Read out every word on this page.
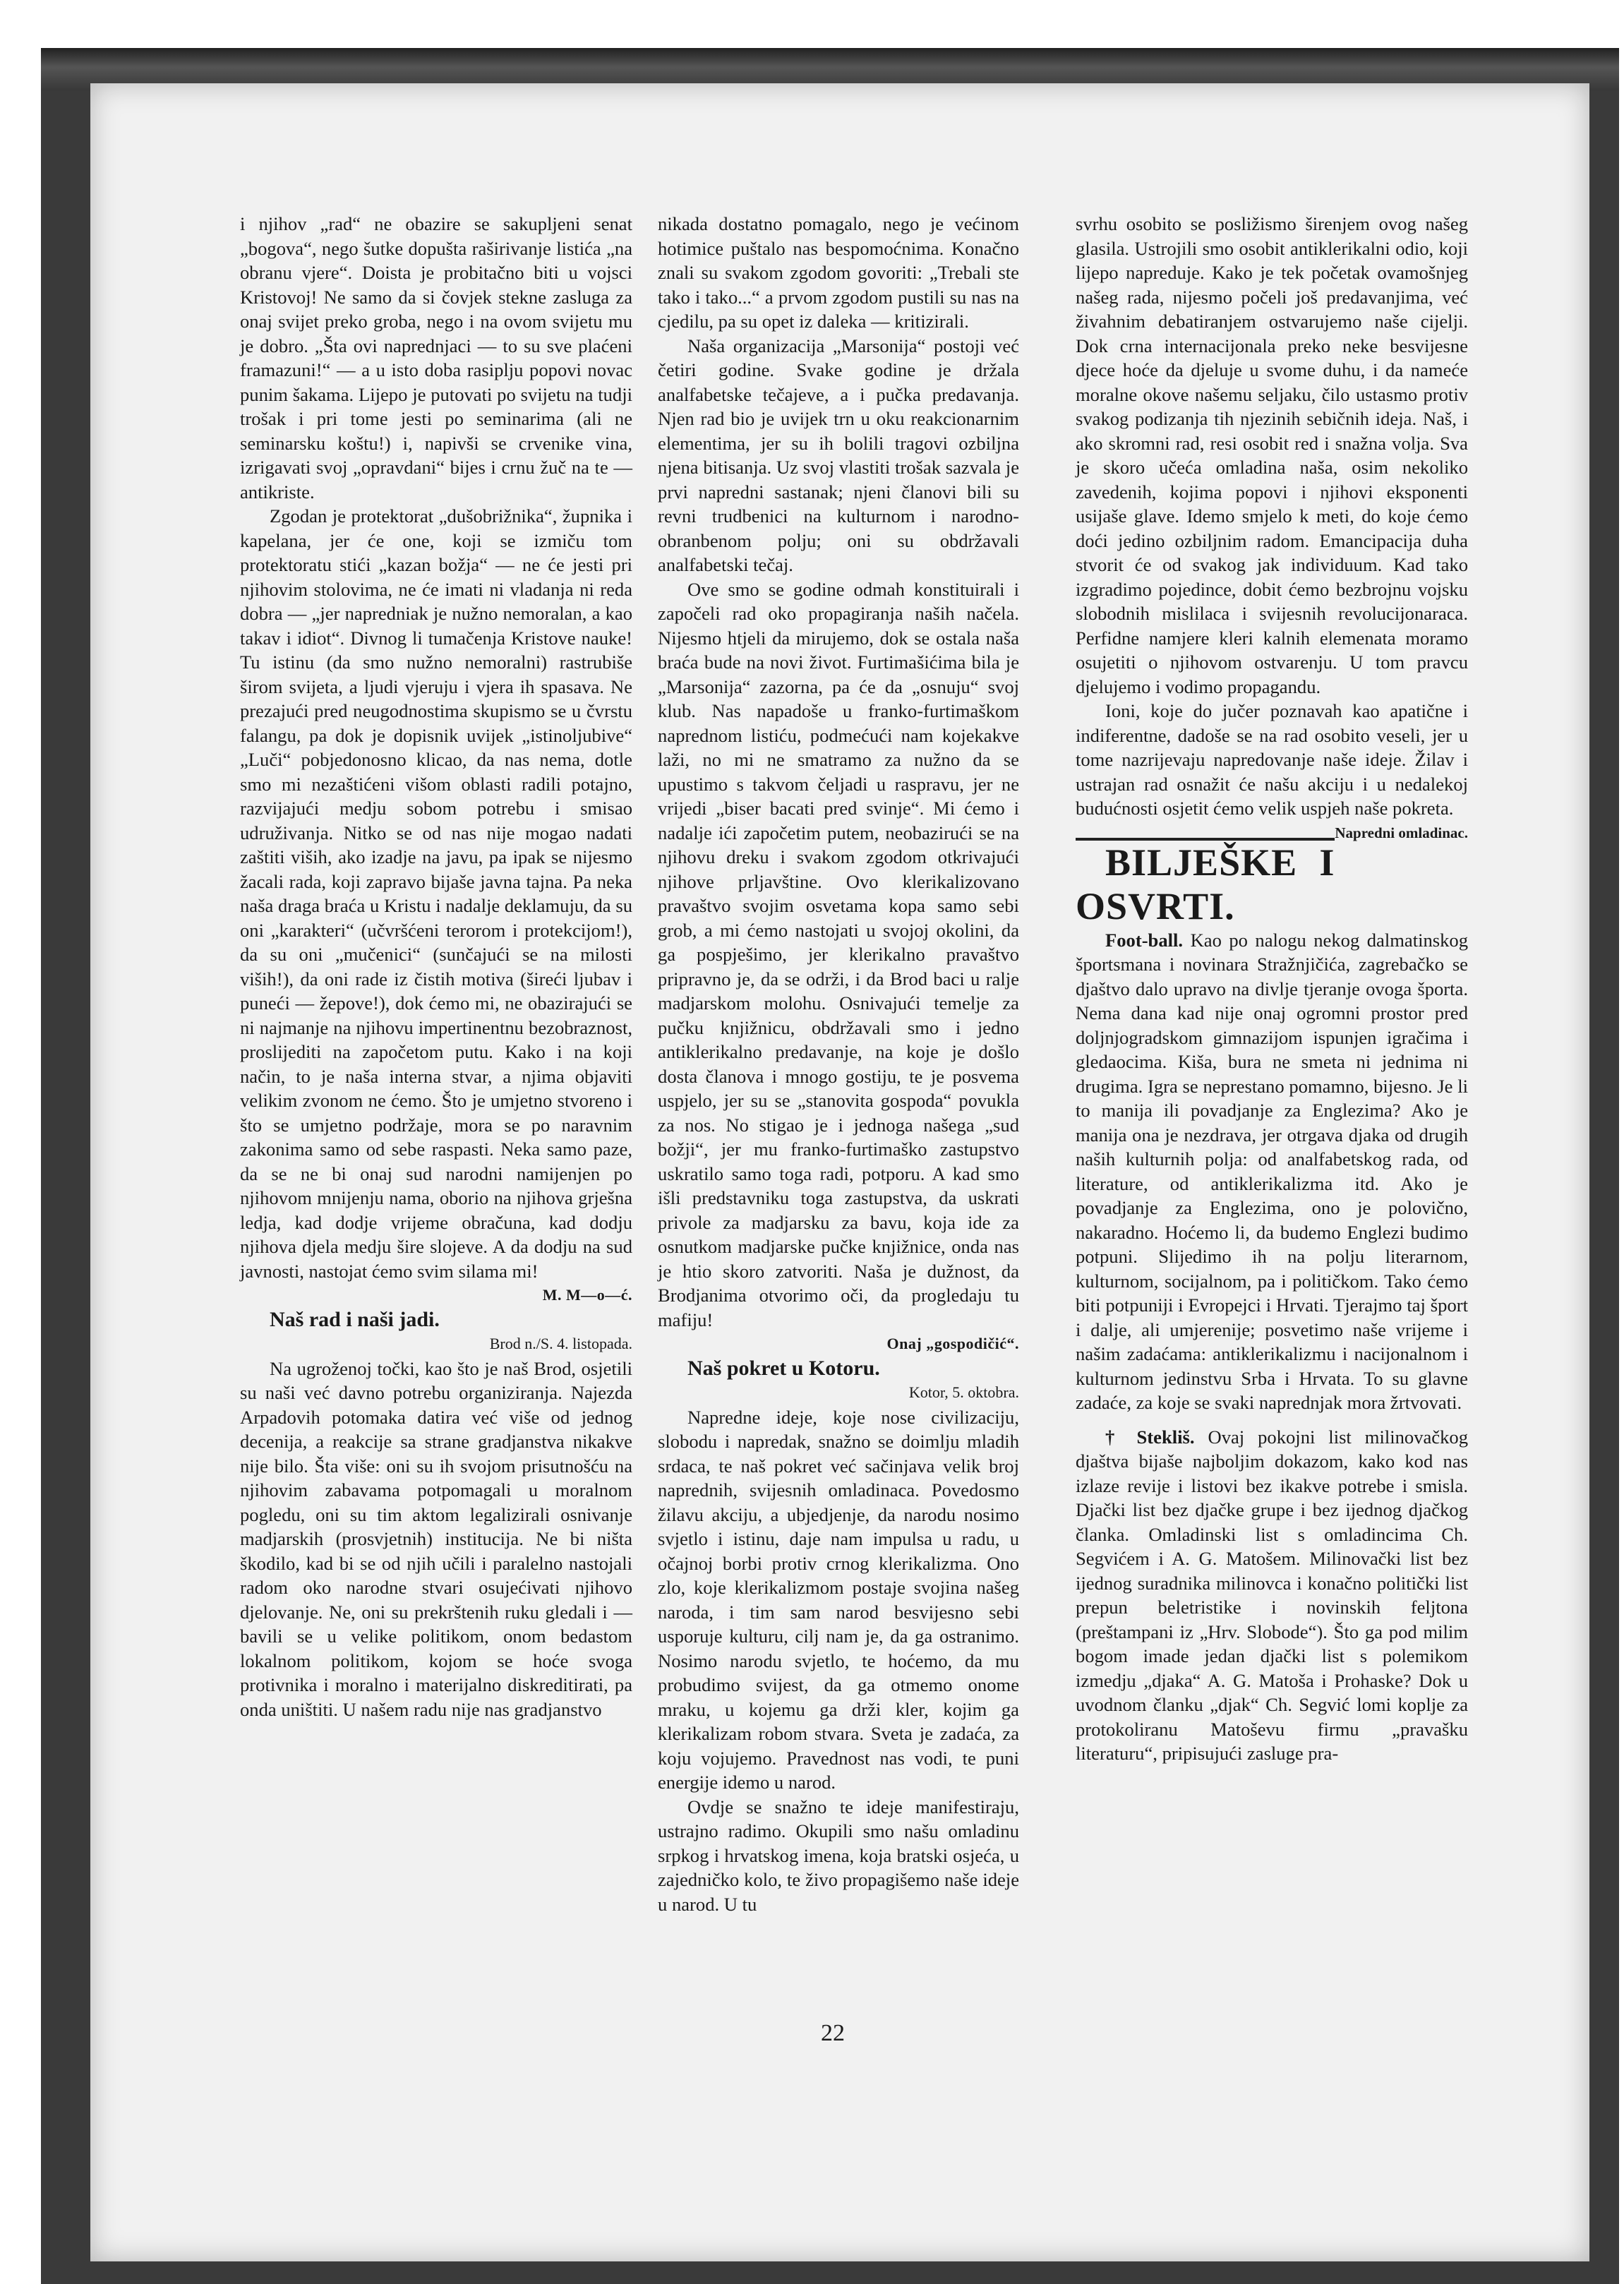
i njihov „rad“ ne obazire se sakupljeni senat „bogova“, nego šutke dopušta raširivanje listića „na obranu vjere“. Doista je probitačno biti u vojsci Kristovoj! Ne samo da si čovjek stekne zasluga za onaj svijet preko groba, nego i na ovom svijetu mu je dobro. „Šta ovi naprednjaci — to su sve plaćeni framazuni!“ — a u isto doba rasiplju popovi novac punim šakama. Lijepo je putovati po svijetu na tudji trošak i pri tome jesti po seminarima (ali ne seminarsku koštu!) i, napivši se crvenike vina, izrigavati svoj „opravdani“ bijes i crnu žuč na te — antikriste.

Zgodan je protektorat „dušobrižnika“, župnika i kapelana, jer će one, koji se izmiču tom protektoratu stići „kazan božja“ — ne će jesti pri njihovim stolovima, ne će imati ni vladanja ni reda dobra — „jer napredniak je nužno nemoralan, a kao takav i idiot“. Divnog li tumačenja Kristove nauke! Tu istinu (da smo nužno nemoralni) rastrubiše širom svijeta, a ljudi vjeruju i vjera ih spasava. Ne prezajući pred neugodnostima skupismo se u čvrstu falangu, pa dok je dopisnik uvijek „istinoljubive“ „Luči“ pobjedonosno klicao, da nas nema, dotle smo mi nezaštićeni višom oblasti radili potajno, razvijajući medju sobom potrebu i smisao udruživanja. Nitko se od nas nije mogao nadati zaštiti viših, ako izadje na javu, pa ipak se nijesmo žacali rada, koji zapravo bijaše javna tajna. Pa neka naša draga braća u Kristu i nadalje deklamuju, da su oni „karakteri“ (učvršćeni terorom i protekcijom!), da su oni „mučenici“ (sunčajući se na milosti viših!), da oni rade iz čistih motiva (šireći ljubav i puneći — žepove!), dok ćemo mi, ne obazirajući se ni najmanje na njihovu impertinentnu bezobraznost, proslijediti na započetom putu. Kako i na koji način, to je naša interna stvar, a njima objaviti velikim zvonom ne ćemo. Što je umjetno stvoreno i što se umjetno podržaje, mora se po naravnim zakonima samo od sebe raspasti. Neka samo paze, da se ne bi onaj sud narodni namijenjen po njihovom mnijenju nama, oborio na njihova grješna ledja, kad dodje vrijeme obračuna, kad dodju njihova djela medju šire slojeve. A da dodju na sud javnosti, nastojat ćemo svim silama mi!

M. M—o—ć.

Naš rad i naši jadi.

Brod n./S. 4. listopada.

Na ugroženoj točki, kao što je naš Brod, osjetili su naši već davno potrebu organiziranja. Najezda Arpadovih potomaka datira već više od jednog decenija, a reakcije sa strane gradjanstva nikakve nije bilo. Šta više: oni su ih svojom prisutnošću na njihovim zabavama potpomagali u moralnom pogledu, oni su tim aktom legalizirali osnivanje madjarskih (prosvjetnih) institucija. Ne bi ništa škodilo, kad bi se od njih učili i paralelno nastojali radom oko narodne stvari osujećivati njihovo djelovanje. Ne, oni su prekrštenih ruku gledali i — bavili se u velike politikom, onom bedastom lokalnom politikom, kojom se hoće svoga protivnika i moralno i materijalno diskreditirati, pa onda uništiti. U našem radu nije nas gradjanstvo

nikada dostatno pomagalo, nego je većinom hotimice puštalo nas bespomoćnima. Konačno znali su svakom zgodom govoriti: „Trebali ste tako i tako...“ a prvom zgodom pustili su nas na cjedilu, pa su opet iz daleka — kritizirali.

Naša organizacija „Marsonija“ postoji već četiri godine. Svake godine je držala analfabetske tečajeve, a i pučka predavanja. Njen rad bio je uvijek trn u oku reakcionarnim elementima, jer su ih bolili tragovi ozbiljna njena bitisanja. Uz svoj vlastiti trošak sazvala je prvi napredni sastanak; njeni članovi bili su revni trudbenici na kulturnom i narodno-obranbenom polju; oni su obdržavali analfabetski tečaj.

Ove smo se godine odmah konstituirali i započeli rad oko propagiranja naših načela. Nijesmo htjeli da mirujemo, dok se ostala naša braća bude na novi život. Furtimašićima bila je „Marsonija“ zazorna, pa će da „osnuju“ svoj klub. Nas napadoše u franko-furtimaškom naprednom listiću, podmećući nam kojekakve laži, no mi ne smatramo za nužno da se upustimo s takvom čeljadi u raspravu, jer ne vrijedi „biser bacati pred svinje“. Mi ćemo i nadalje ići započetim putem, neobazirući se na njihovu dreku i svakom zgodom otkrivajući njihove prljavštine. Ovo klerikalizovano pravaštvo svojim osvetama kopa samo sebi grob, a mi ćemo nastojati u svojoj okolini, da ga pospješimo, jer klerikalno pravaštvo pripravno je, da se održi, i da Brod baci u ralje madjarskom molohu. Osnivajući temelje za pučku knjižnicu, obdržavali smo i jedno antiklerikalno predavanje, na koje je došlo dosta članova i mnogo gostiju, te je posvema uspjelo, jer su se „stanovita gospoda“ povukla za nos. No stigao je i jednoga našega „sud božji“, jer mu franko-furtimaško zastupstvo uskratilo samo toga radi, potporu. A kad smo išli predstavniku toga zastupstva, da uskrati privole za madjarsku za bavu, koja ide za osnutkom madjarske pučke knjižnice, onda nas je htio skoro zatvoriti. Naša je dužnost, da Brodjanima otvorimo oči, da progledaju tu mafiju!

Onaj „gospodičić“.

Naš pokret u Kotoru.

Kotor, 5. oktobra.

Napredne ideje, koje nose civilizaciju, slobodu i napredak, snažno se doimlju mladih srdaca, te naš pokret već sačinjava velik broj naprednih, svijesnih omladinaca. Povedosmo žilavu akciju, a ubjedjenje, da narodu nosimo svjetlo i istinu, daje nam impulsa u radu, u očajnoj borbi protiv crnog klerikalizma. Ono zlo, koje klerikalizmom postaje svojina našeg naroda, i tim sam narod besvijesno sebi usporuje kulturu, cilj nam je, da ga ostranimo. Nosimo narodu svjetlo, te hoćemo, da mu probudimo svijest, da ga otmemo onome mraku, u kojemu ga drži kler, kojim ga klerikalizam robom stvara. Sveta je zadaća, za koju vojujemo. Pravednost nas vodi, te puni energije idemo u narod.

Ovdje se snažno te ideje manifestiraju, ustrajno radimo. Okupili smo našu omladinu srpkog i hrvatskog imena, koja bratski osjeća, u zajedničko kolo, te živo propagišemo naše ideje u narod. U tu

svrhu osobito se posližismo širenjem ovog našeg glasila. Ustrojili smo osobit antiklerikalni odio, koji lijepo napreduje. Kako je tek početak ovamošnjeg našeg rada, nijesmo počeli još predavanjima, već živahnim debatiranjem ostvarujemo naše cijelji. Dok crna internacijonala preko neke besvijesne djece hoće da djeluje u svome duhu, i da nameće moralne okove našemu seljaku, čilo ustasmo protiv svakog podizanja tih njezinih sebičnih ideja. Naš, i ako skromni rad, resi osobit red i snažna volja. Sva je skoro učeća omladina naša, osim nekoliko zavedenih, kojima popovi i njihovi eksponenti usijaše glave. Idemo smjelo k meti, do koje ćemo doći jedino ozbiljnim radom. Emancipacija duha stvorit će od svakog jak individuum. Kad tako izgradimo pojedince, dobit ćemo bezbrojnu vojsku slobodnih mislilaca i svijesnih revolucijonaraca. Perfidne namjere kleri kalnih elemenata moramo osujetiti o njihovom ostvarenju. U tom pravcu djelujemo i vodimo propagandu.

Ioni, koje do jučer poznavah kao apatične i indiferentne, dadoše se na rad osobito veseli, jer u tome nazrijevaju napredovanje naše ideje. Žilav i ustrajan rad osnažit će našu akciju i u nedalekoj budućnosti osjetit ćemo velik uspjeh naše pokreta.
Napredni omladinac.

BILJEŠKE I OSVRTI.

Foot-ball. Kao po nalogu nekog dalmatinskog športsmana i novinara Stražnjičića, zagrebačko se djaštvo dalo upravo na divlje tjeranje ovoga športa. Nema dana kad nije onaj ogromni prostor pred doljnjogradskom gimnazijom ispunjen igračima i gledaocima. Kiša, bura ne smeta ni jednima ni drugima. Igra se neprestano pomamno, bijesno. Je li to manija ili povadjanje za Englezima? Ako je manija ona je nezdrava, jer otrgava djaka od drugih naših kulturnih polja: od analfabetskog rada, od literature, od antiklerikalizma itd. Ako je povadjanje za Englezima, ono je polovično, nakaradno. Hoćemo li, da budemo Englezi budimo potpuni. Slijedimo ih na polju literarnom, kulturnom, socijalnom, pa i političkom. Tako ćemo biti potpuniji i Evropejci i Hrvati. Tjerajmo taj šport i dalje, ali umjerenije; posvetimo naše vrijeme i našim zadaćama: antiklerikalizmu i nacijonalnom i kulturnom jedinstvu Srba i Hrvata. To su glavne zadaće, za koje se svaki naprednjak mora žrtvovati.

† Stekliš. Ovaj pokojni list milinovačkog djaštva bijaše najboljim dokazom, kako kod nas izlaze revije i listovi bez ikakve potrebe i smisla. Djački list bez djačke grupe i bez ijednog djačkog članka. Omladinski list s omladincima Ch. Segvićem i A. G. Matošem. Milinovački list bez ijednog suradnika milinovca i konačno politički list prepun beletristike i novinskih feljtona (preštampani iz „Hrv. Slobode“). Što ga pod milim bogom imade jedan djački list s polemikom izmedju „djaka“ A. G. Matoša i Prohaske? Dok u uvodnom članku „djak“ Ch. Segvić lomi koplje za protokoliranu Matoševu firmu „pravašku literaturu“, pripisujući zasluge pra-

22
